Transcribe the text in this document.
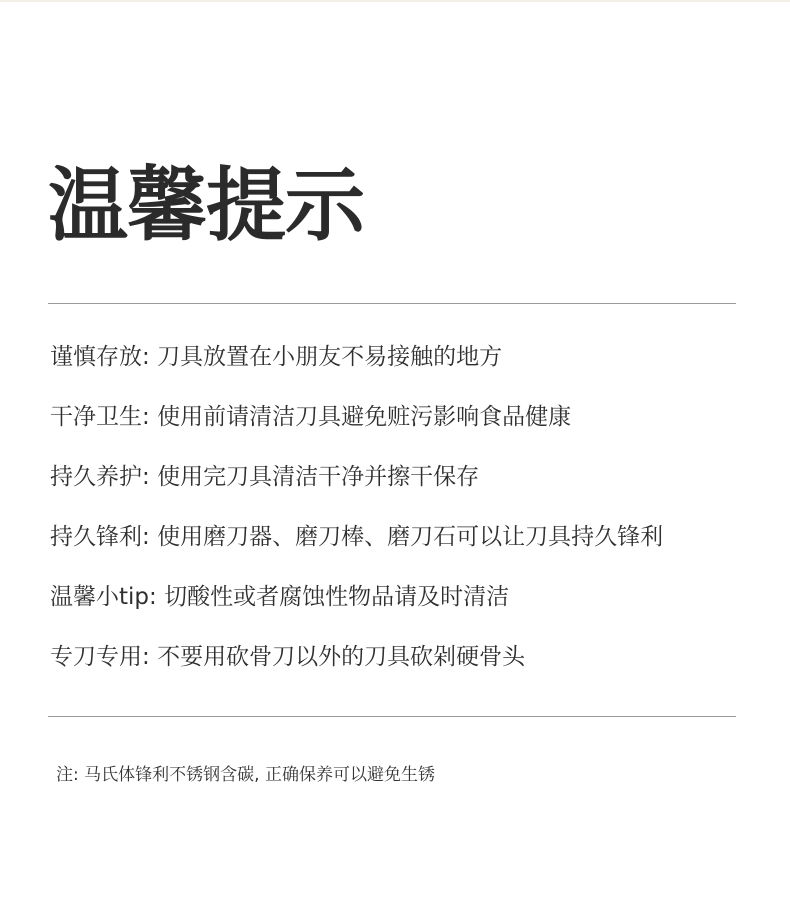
温馨提示
谨慎存放: 刀具放置在小朋友不易接触的地方
干净卫生: 使用前请清洁刀具避免赃污影响食品健康
持久养护: 使用完刀具清洁干净并擦干保存
持久锋利: 使用磨刀器、磨刀棒、磨刀石可以让刀具持久锋利
温馨小tip: 切酸性或者腐蚀性物品请及时清洁
专刀专用: 不要用砍骨刀以外的刀具砍剁硬骨头
注: 马氏体锋利不锈钢含碳, 正确保养可以避免生锈
